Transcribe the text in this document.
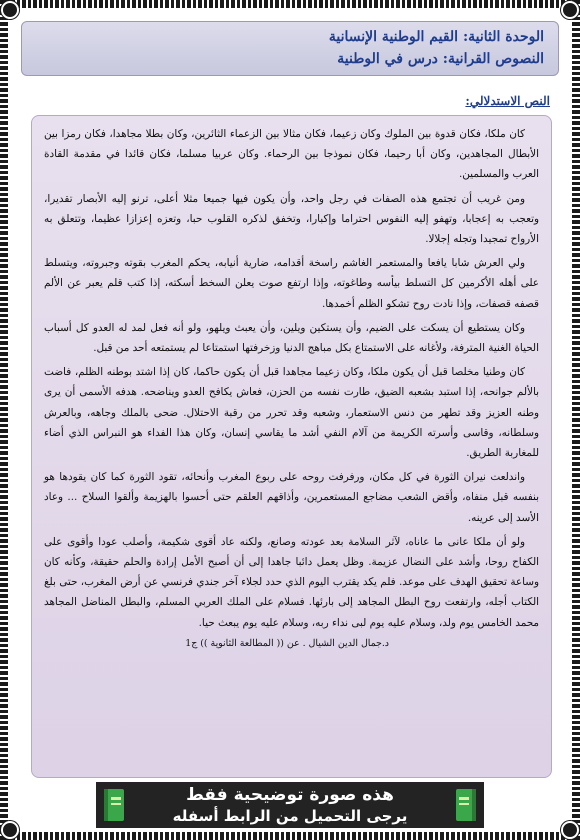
الوحدة الثانية: القيم الوطنية الإنسانية
النصوص القرانية: درس في الوطنية
النص الاستدلالي:

كان ملكا، فكان قدوة بين الملوك وكان زعيما، فكان مثالا بين الزعماء الثائرين، وكان بطلا مجاهدا، فكان رمزا بين الأبطال المجاهدين، وكان أبا رحيما، فكان نموذجا بين الرحماء. وكان عربيا مسلما، فكان قائدا في مقدمة القادة العرب والمسلمين.

ومن غريب أن تجتمع هذه الصفات في رجل واحد، وأن يكون فيها جميعا مثلا أعلى، ترنو إليه الأبصار تقديرا، وتعجب به إعجابا، وتهفو إليه النفوس احتراما وإكبارا، وتخفق لذكره القلوب حبا، وتعزه إعزازا عظيما، وتتعلق به الأرواح تمجيدا وتجله إجلالا.

ولي العرش شابا يافعا والمستعمر الغاشم راسخة أقدامه، ضارية أنيابه، يحكم المغرب بقوته وجبروته، ويتسلط على أهله الأكرمين كل التسلط بيأسه وطاغوته، وإذا ارتفع صوت يعلن السخط أسكته، إذا كتب قلم يعبر عن الألم قصفه قصفات، وإذا نادت روح تشكو الظلم أخمدها.

وكان يستطيع أن يسكت على الضيم، وأن يستكين ويلين، وأن يعبث ويلهو، ولو أنه فعل لمد له العدو كل أسباب الحياة الغنية المترفة، ولأغانه على الاستمتاع بكل مباهج الدنيا وزخرفتها استمتاعا لم يستمتعه أحد من قبل.

كان وطنيا مخلصا قبل أن يكون ملكا، وكان زعيما مجاهدا قبل أن يكون حاكما، كان إذا اشتد بوطنه الظلم، فاضت بالألم جوانحه، إذا استبد بشعبه الضيق، طارت نفسه من الحزن، فعاش يكافح العدو ويناضحه. هدفه الأسمى أن يرى وطنه العزيز وقد تطهر من دنس الاستعمار، وشعبه وقد تحرر من رقبة الاحتلال. ضحى بالملك وجاهه، وبالعرش وسلطانه، وقاسى وأسرته الكريمة من آلام النفي أشد ما يقاسي إنسان، وكان هذا الفداء هو النبراس الذي أضاء للمغاربة الطريق.

واندلعت نيران الثورة في كل مكان، ورفرفت روحه على ربوع المغرب وأنحائه، تقود الثورة كما كان يقودها هو بنفسه قبل منفاه، وأقض الشعب مضاجع المستعمرين، وأذاقهم العلقم حتى أحسوا بالهزيمة وألقوا السلاح ... وعاد الأسد إلى عرينه.

ولو أن ملكا عانى ما عاناه، لآثر السلامة بعد عودته وصانع، ولكنه عاد أقوى شكيمة، وأصلب عودا وأقوى على الكفاح روحا، وأشد على النضال عزيمة. وظل يعمل دائبا جاهدا إلى أن أصبح الأمل إرادة والحلم حقيقة، وكأنه كان وساعة تحقيق الهدف على موعد. فلم يكد يقترب اليوم الذي حدد لجلاء آخر جندي فرنسي عن أرض المغرب، حتى بلغ الكتاب أجله، وارتفعت روح البطل المجاهد إلى بارئها. فسلام على الملك العربي المسلم، والبطل المناضل المجاهد محمد الخامس يوم ولد، وسلام عليه يوم لبى نداء ربه، وسلام عليه يوم يبعث حيا.

د.جمال الدين الشيال . عن (( المطالعة الثانوية )) ج1
هذه صورة توضيحية فقط
يرجى التحميل من الرابط أسفله
